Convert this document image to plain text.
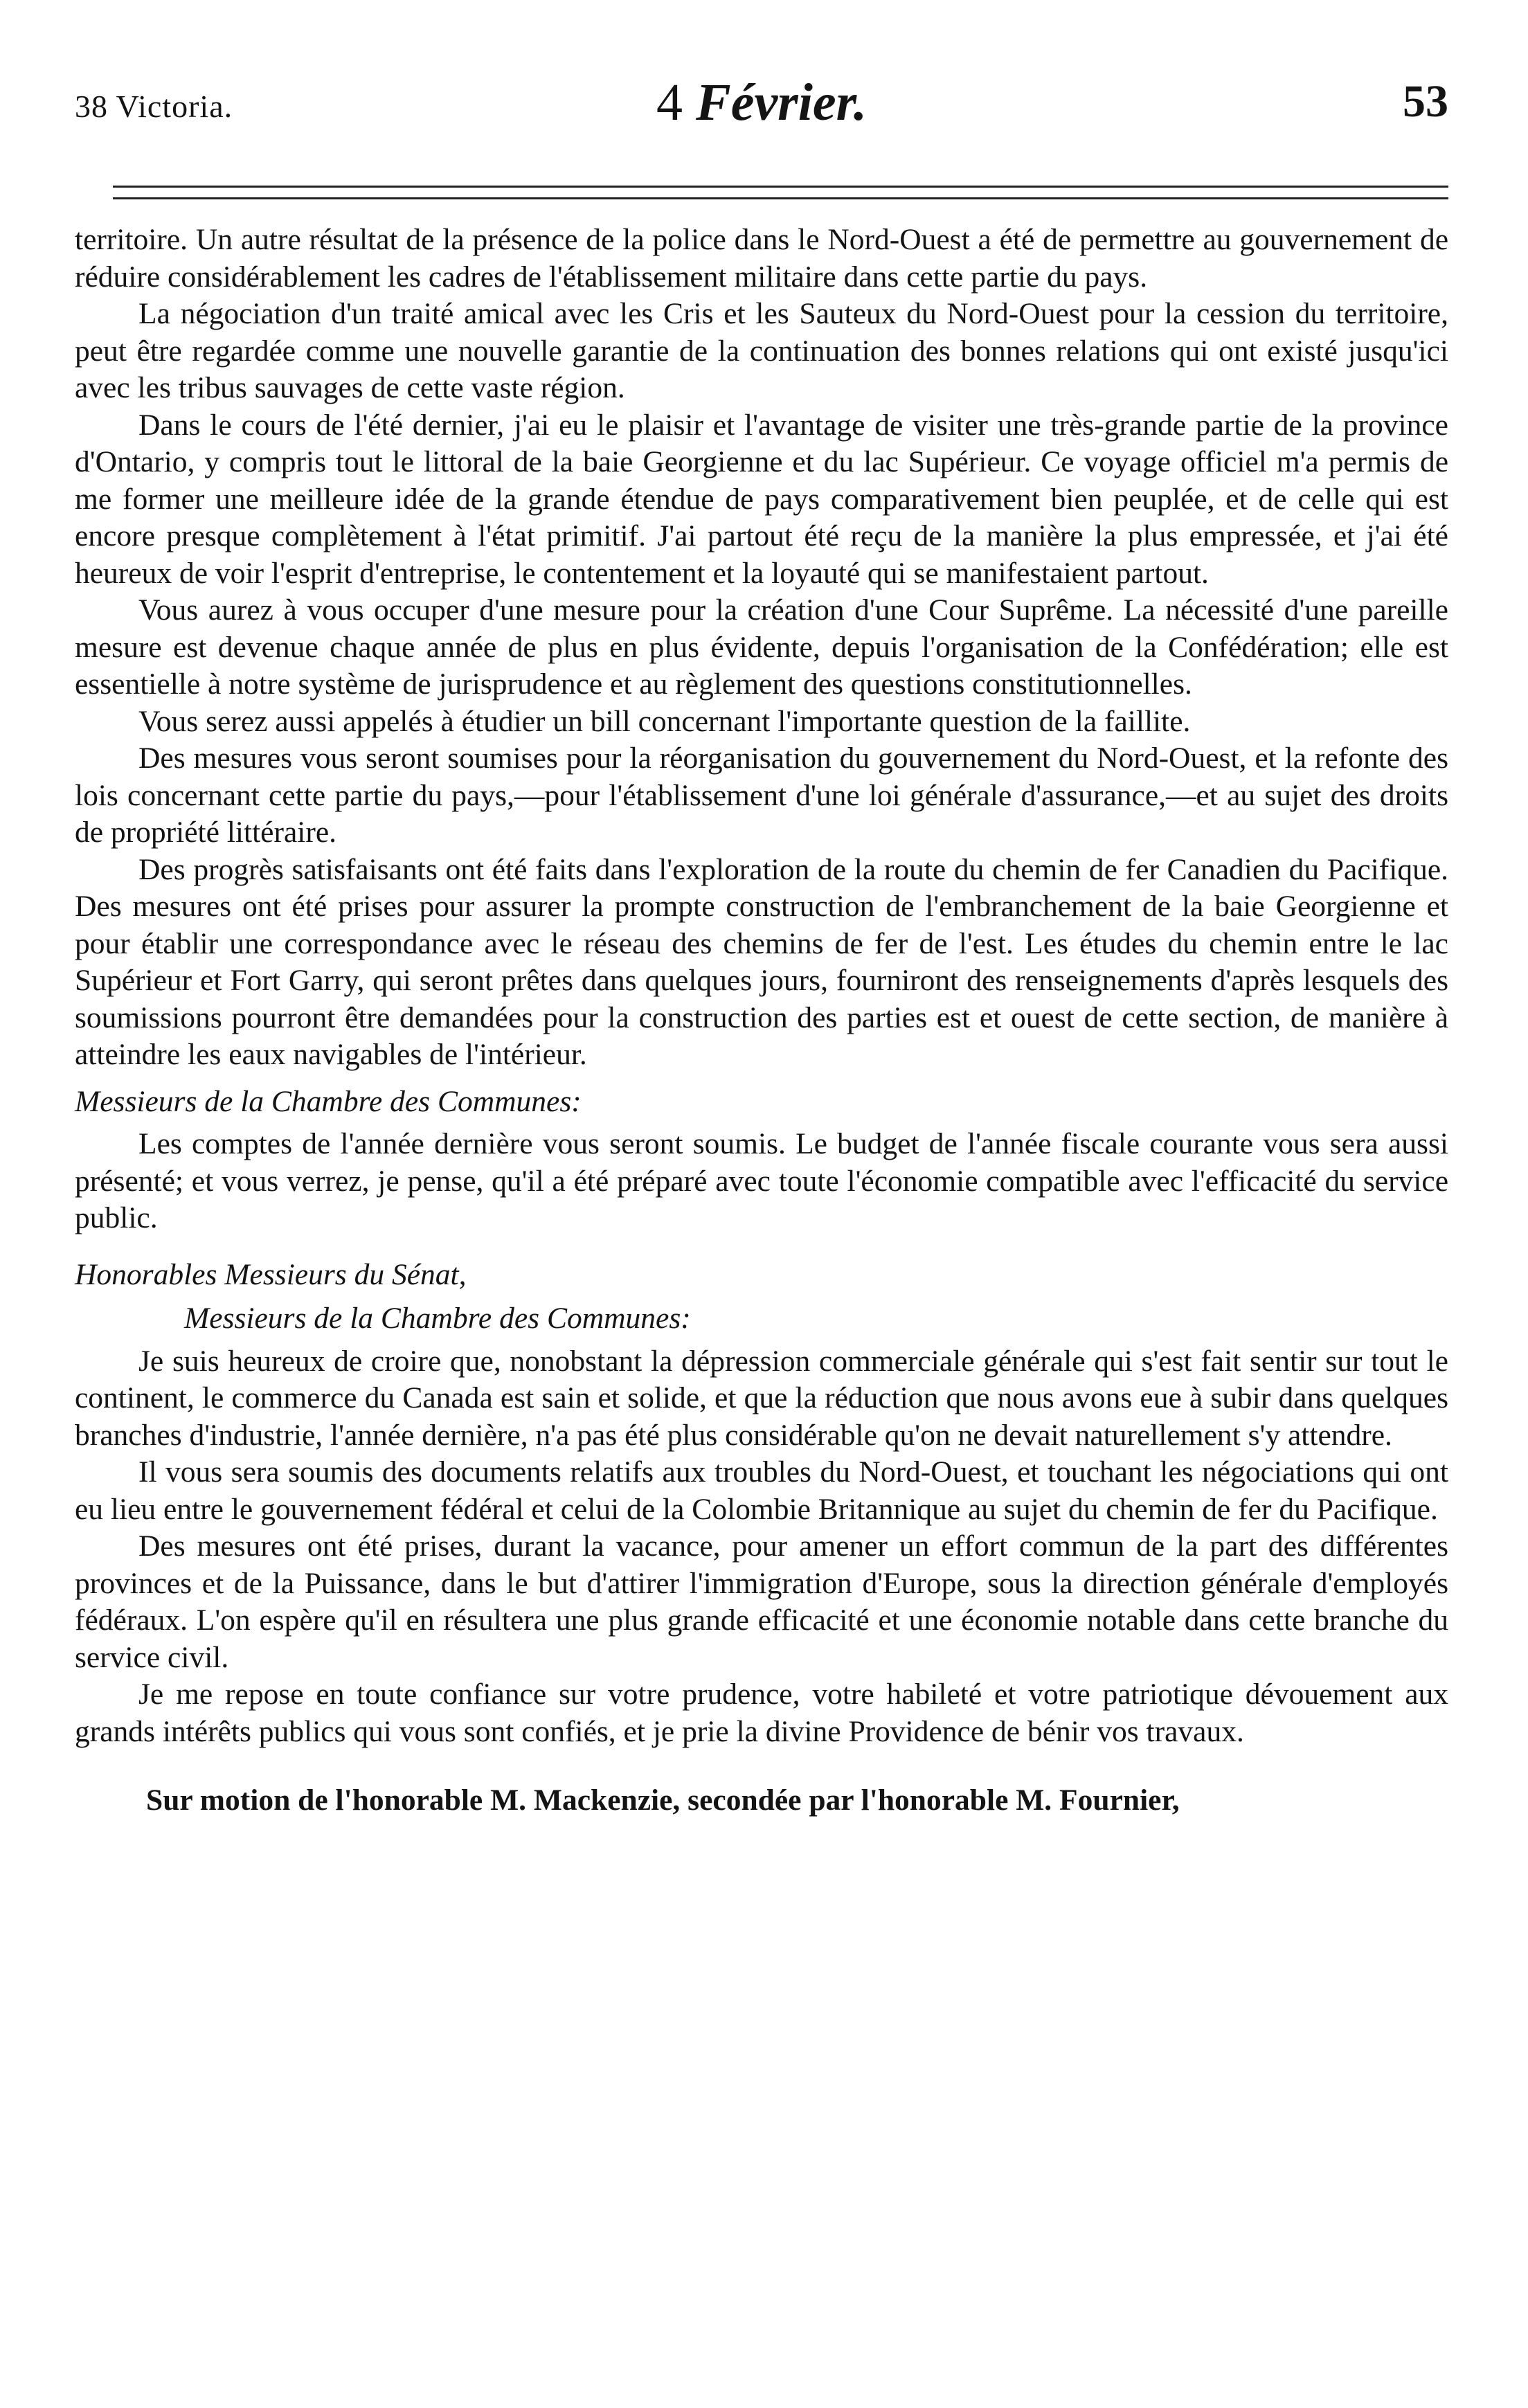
38 Victoria.	4 Février.	53

territoire. Un autre résultat de la présence de la police dans le Nord-Ouest a été de permettre au gouvernement de réduire considérablement les cadres de l'établissement militaire dans cette partie du pays.

La négociation d'un traité amical avec les Cris et les Sauteux du Nord-Ouest pour la cession du territoire, peut être regardée comme une nouvelle garantie de la continuation des bonnes relations qui ont existé jusqu'ici avec les tribus sauvages de cette vaste région.

Dans le cours de l'été dernier, j'ai eu le plaisir et l'avantage de visiter une très-grande partie de la province d'Ontario, y compris tout le littoral de la baie Georgienne et du lac Supérieur. Ce voyage officiel m'a permis de me former une meilleure idée de la grande étendue de pays comparativement bien peuplée, et de celle qui est encore presque complètement à l'état primitif. J'ai partout été reçu de la manière la plus empressée, et j'ai été heureux de voir l'esprit d'entreprise, le contentement et la loyauté qui se manifestaient partout.

Vous aurez à vous occuper d'une mesure pour la création d'une Cour Suprême. La nécessité d'une pareille mesure est devenue chaque année de plus en plus évidente, depuis l'organisation de la Confédération; elle est essentielle à notre système de jurisprudence et au règlement des questions constitutionnelles.

Vous serez aussi appelés à étudier un bill concernant l'importante question de la faillite.

Des mesures vous seront soumises pour la réorganisation du gouvernement du Nord-Ouest, et la refonte des lois concernant cette partie du pays,—pour l'établissement d'une loi générale d'assurance,—et au sujet des droits de propriété littéraire.

Des progrès satisfaisants ont été faits dans l'exploration de la route du chemin de fer Canadien du Pacifique. Des mesures ont été prises pour assurer la prompte construction de l'embranchement de la baie Georgienne et pour établir une correspondance avec le réseau des chemins de fer de l'est. Les études du chemin entre le lac Supérieur et Fort Garry, qui seront prêtes dans quelques jours, fourniront des renseignements d'après lesquels des soumissions pourront être demandées pour la construction des parties est et ouest de cette section, de manière à atteindre les eaux navigables de l'intérieur.

Messieurs de la Chambre des Communes:

Les comptes de l'année dernière vous seront soumis. Le budget de l'année fiscale courante vous sera aussi présenté; et vous verrez, je pense, qu'il a été préparé avec toute l'économie compatible avec l'efficacité du service public.

Honorables Messieurs du Sénat,

Messieurs de la Chambre des Communes:

Je suis heureux de croire que, nonobstant la dépression commerciale générale qui s'est fait sentir sur tout le continent, le commerce du Canada est sain et solide, et que la réduction que nous avons eue à subir dans quelques branches d'industrie, l'année dernière, n'a pas été plus considérable qu'on ne devait naturellement s'y attendre.

Il vous sera soumis des documents relatifs aux troubles du Nord-Ouest, et touchant les négociations qui ont eu lieu entre le gouvernement fédéral et celui de la Colombie Britannique au sujet du chemin de fer du Pacifique.

Des mesures ont été prises, durant la vacance, pour amener un effort commun de la part des différentes provinces et de la Puissance, dans le but d'attirer l'immigration d'Europe, sous la direction générale d'employés fédéraux. L'on espère qu'il en résultera une plus grande efficacité et une économie notable dans cette branche du service civil.

Je me repose en toute confiance sur votre prudence, votre habileté et votre patriotique dévouement aux grands intérêts publics qui vous sont confiés, et je prie la divine Providence de bénir vos travaux.

Sur motion de l'honorable M. Mackenzie, secondée par l'honorable M. Fournier,
